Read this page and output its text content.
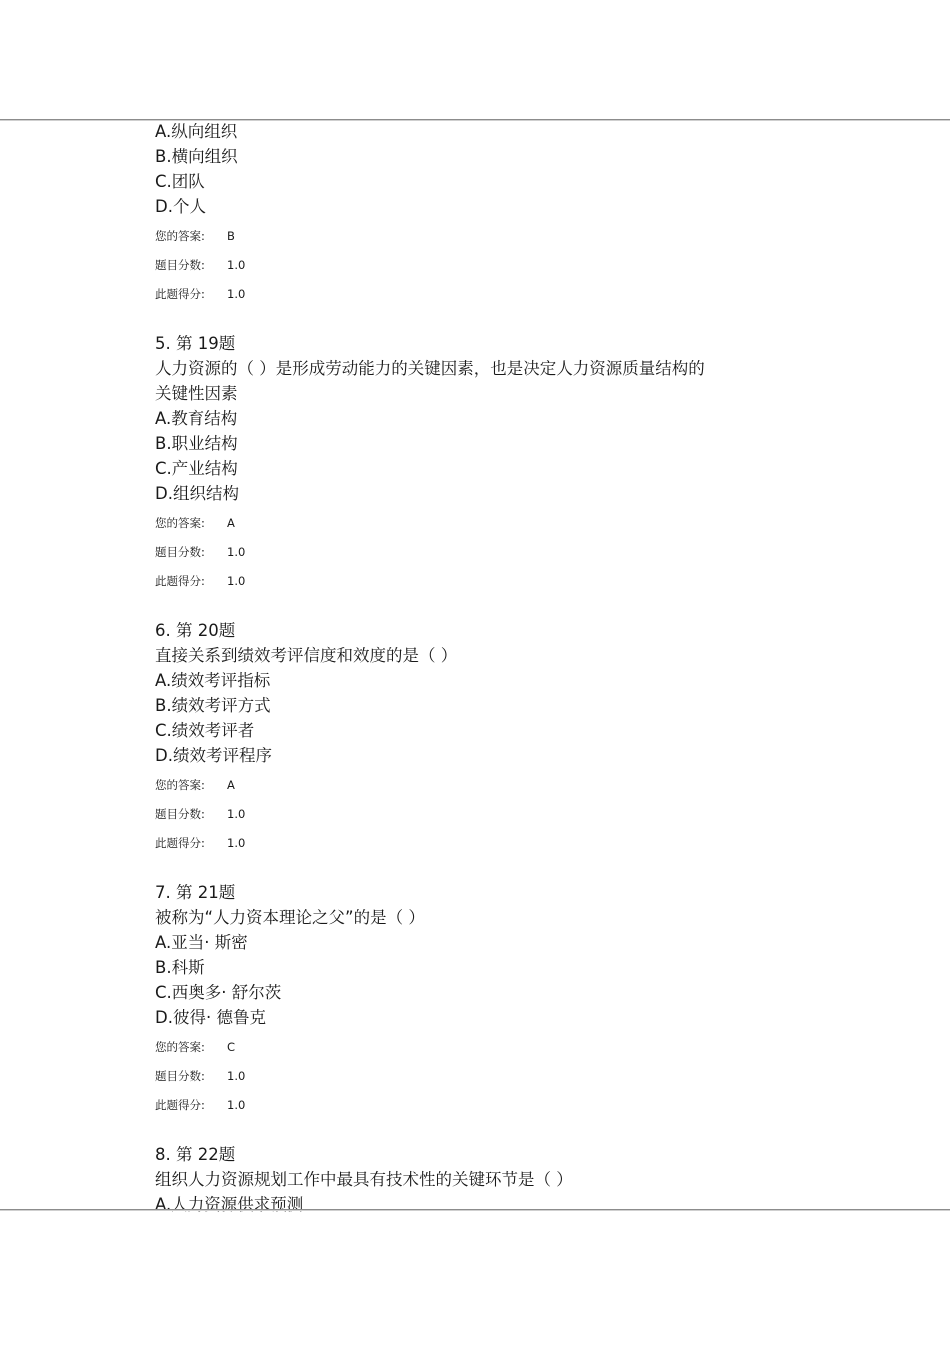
A.纵向组织
B.横向组织
C.团队
D.个人
您的答案: B
题目分数: 1.0
此题得分: 1.0
5. 第 19题
人力资源的（ ）是形成劳动能力的关键因素，也是决定人力资源质量结构的
关键性因素
A.教育结构
B.职业结构
C.产业结构
D.组织结构
您的答案: A
题目分数: 1.0
此题得分: 1.0
6. 第 20题
直接关系到绩效考评信度和效度的是（ ）
A.绩效考评指标
B.绩效考评方式
C.绩效考评者
D.绩效考评程序
您的答案: A
题目分数: 1.0
此题得分: 1.0
7. 第 21题
被称为“人力资本理论之父”的是（ ）
A.亚当· 斯密
B.科斯
C.西奥多· 舒尔茨
D.彼得· 德鲁克
您的答案: C
题目分数: 1.0
此题得分: 1.0
8. 第 22题
组织人力资源规划工作中最具有技术性的关键环节是（ ）
A.人力资源供求预测
